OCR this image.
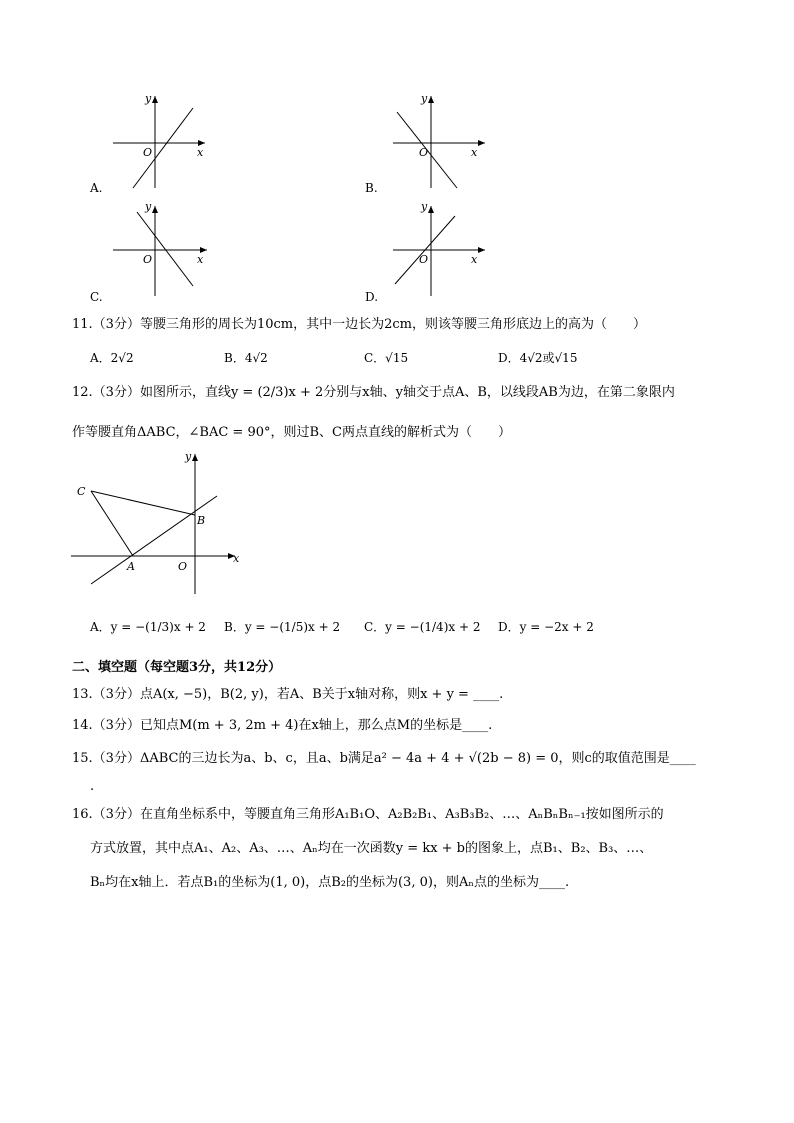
O	x
y
A.
O	x
y
B.
O	x
y
C.
O	x
y
D.
11.（3分）等腰三角形的周长为10cm，其中一边长为2cm，则该等腰三角形底边上的高为（　　）
A．2√2	B．4√2	C．√15	D．4√2或√15
12.（3分）如图所示，直线y = (2/3)x + 2分别与x轴、y轴交于点A、B，以线段AB为边，在第二象限内
作等腰直角ΔABC，∠BAC = 90°，则过B、C两点直线的解析式为（　　）
C
B
A	O
x
y
A．y = −(1/3)x + 2 B．y = −(1/5)x + 2 C．y = −(1/4)x + 2 D．y = −2x + 2
二、填空题（每空题3分，共12分）
13.（3分）点A(x, −5)，B(2, y)，若A、B关于x轴对称，则x + y = ____.
14.（3分）已知点M(m + 3, 2m + 4)在x轴上，那么点M的坐标是____.
15.（3分）ΔABC的三边长为a、b、c，且a、b满足a² − 4a + 4 + √(2b − 8) = 0，则c的取值范围是____
.
16.（3分）在直角坐标系中，等腰直角三角形A₁B₁O、A₂B₂B₁、A₃B₃B₂、…、AₙBₙBₙ₋₁按如图所示的
方式放置，其中点A₁、A₂、A₃、…、Aₙ均在一次函数y = kx + b的图象上，点B₁、B₂、B₃、…、
Bₙ均在x轴上．若点B₁的坐标为(1, 0)，点B₂的坐标为(3, 0)，则Aₙ点的坐标为____.
